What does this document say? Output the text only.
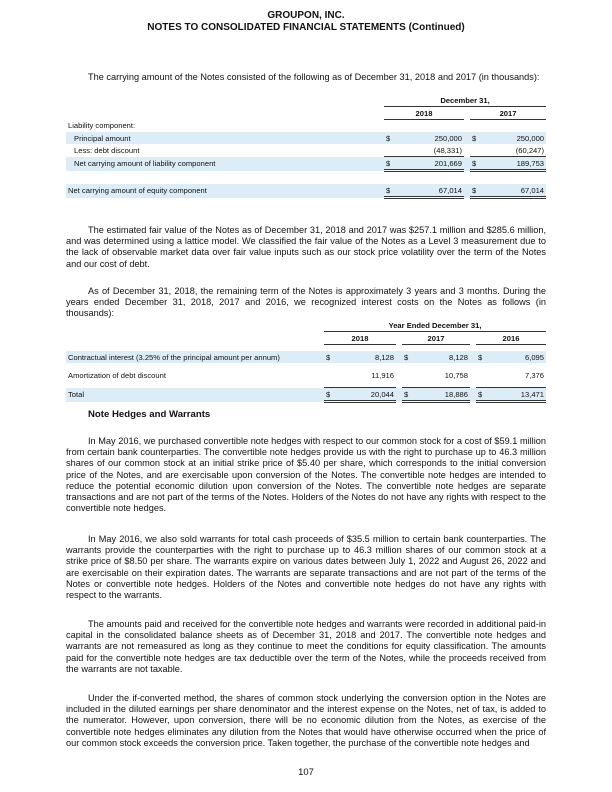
GROUPON, INC.
NOTES TO CONSOLIDATED FINANCIAL STATEMENTS (Continued)

The carrying amount of the Notes consisted of the following as of December 31, 2018 and 2017 (in thousands):

	December 31,				
	2018			2017	
Liability component:					
Principal amount	$	250,000		$	250,000
Less: debt discount		(48,331)			(60,247)
Net carrying amount of liability component	$	201,669		$	189,753

Net carrying amount of equity component	$	67,014		$	67,014

The estimated fair value of the Notes as of December 31, 2018 and 2017 was $257.1 million and $285.6 million, and was determined using a lattice model. We classified the fair value of the Notes as a Level 3 measurement due to the lack of observable market data over fair value inputs such as our stock price volatility over the term of the Notes and our cost of debt.

As of December 31, 2018, the remaining term of the Notes is approximately 3 years and 3 months. During the years ended December 31, 2018, 2017 and 2016, we recognized interest costs on the Notes as follows (in thousands):

	Year Ended December 31,							
	2018			2017			2016	

Contractual interest (3.25% of the principal amount per annum)	$	8,128		$	8,128		$	6,095

Amortization of debt discount		11,916			10,758			7,376

Total	$	20,044		$	18,886		$	13,471
Note Hedges and Warrants

In May 2016, we purchased convertible note hedges with respect to our common stock for a cost of $59.1 million from certain bank counterparties. The convertible note hedges provide us with the right to purchase up to 46.3 million shares of our common stock at an initial strike price of $5.40 per share, which corresponds to the initial conversion price of the Notes, and are exercisable upon conversion of the Notes. The convertible note hedges are intended to reduce the potential economic dilution upon conversion of the Notes. The convertible note hedges are separate transactions and are not part of the terms of the Notes. Holders of the Notes do not have any rights with respect to the convertible note hedges.

In May 2016, we also sold warrants for total cash proceeds of $35.5 million to certain bank counterparties. The warrants provide the counterparties with the right to purchase up to 46.3 million shares of our common stock at a strike price of $8.50 per share. The warrants expire on various dates between July 1, 2022 and August 26, 2022 and are exercisable on their expiration dates. The warrants are separate transactions and are not part of the terms of the Notes or convertible note hedges. Holders of the Notes and convertible note hedges do not have any rights with respect to the warrants.

The amounts paid and received for the convertible note hedges and warrants were recorded in additional paid-in capital in the consolidated balance sheets as of December 31, 2018 and 2017. The convertible note hedges and warrants are not remeasured as long as they continue to meet the conditions for equity classification. The amounts paid for the convertible note hedges are tax deductible over the term of the Notes, while the proceeds received from the warrants are not taxable.

Under the if-converted method, the shares of common stock underlying the conversion option in the Notes are included in the diluted earnings per share denominator and the interest expense on the Notes, net of tax, is added to the numerator. However, upon conversion, there will be no economic dilution from the Notes, as exercise of the convertible note hedges eliminates any dilution from the Notes that would have otherwise occurred when the price of our common stock exceeds the conversion price. Taken together, the purchase of the convertible note hedges and

107
